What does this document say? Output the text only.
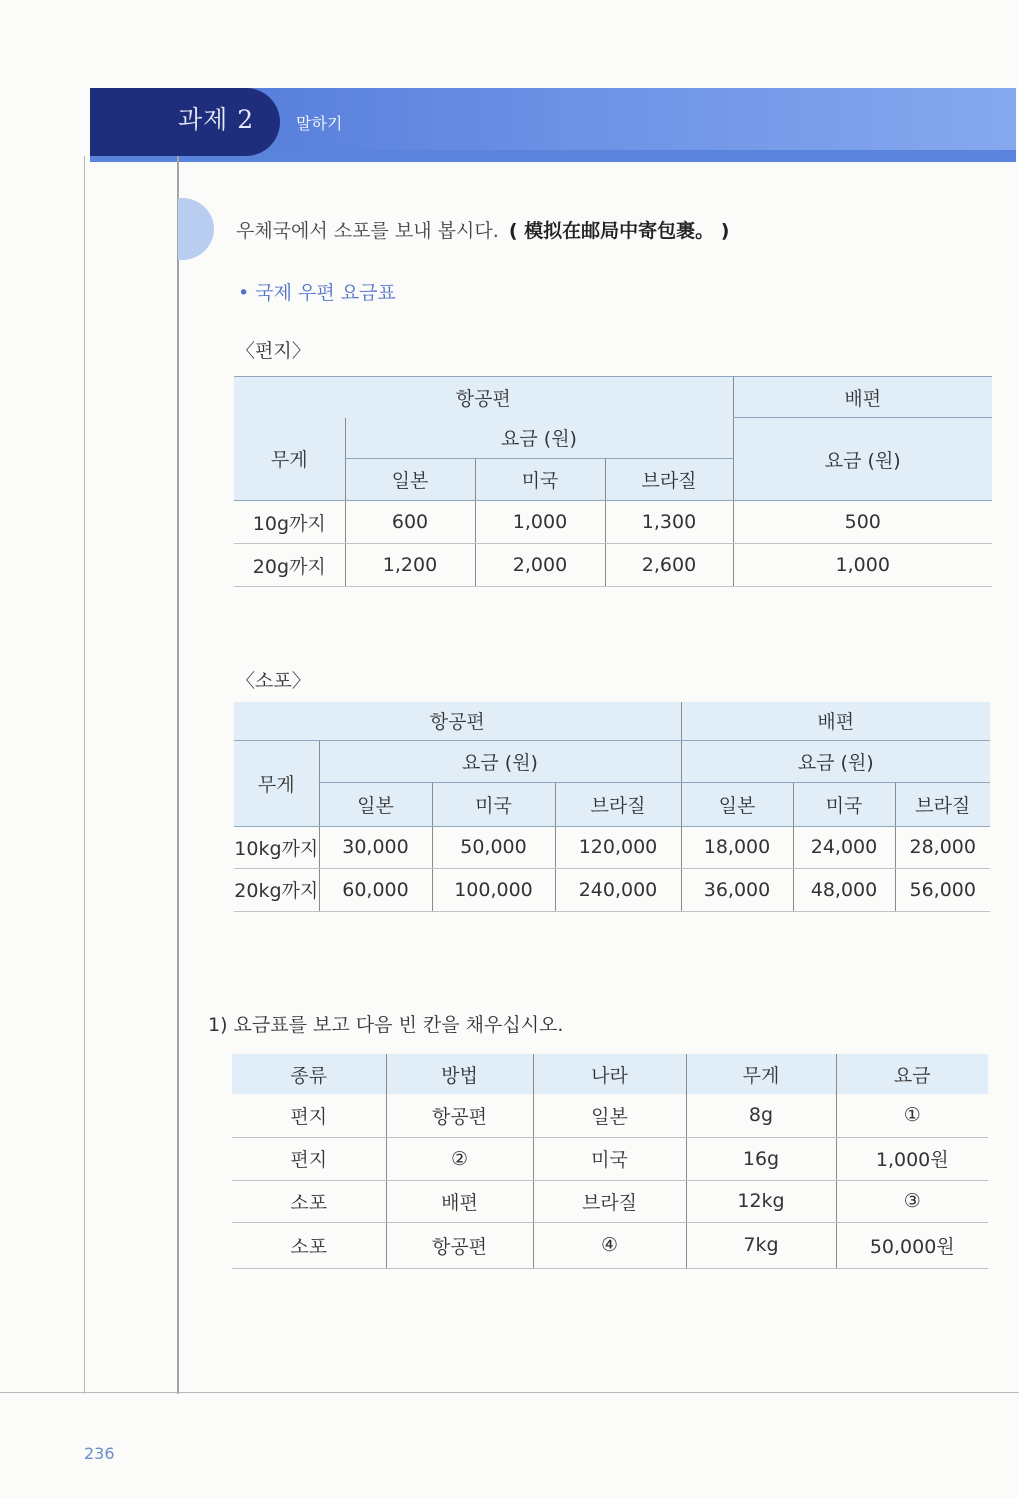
과제 2	말하기
우체국에서 소포를 보내 봅시다. ( 模拟在邮局中寄包裹。 )
• 국제 우편 요금표
〈편지〉
항공편				배편
무게	요금 (원)			요금 (원)
	일본	미국	브라질	
10g까지	600	1,000	1,300	500
20g까지	1,200	2,000	2,600	1,000
〈소포〉
항공편				배편		
무게	요금 (원)			요금 (원)		
	일본	미국	브라질	일본	미국	브라질
10kg까지	30,000	50,000	120,000	18,000	24,000	28,000
20kg까지	60,000	100,000	240,000	36,000	48,000	56,000
1) 요금표를 보고 다음 빈 칸을 채우십시오.
종류	방법	나라	무게	요금
편지	항공편	일본	8g	①
편지	②	미국	16g	1,000원
소포	배편	브라질	12kg	③
소포	항공편	④	7kg	50,000원
236
